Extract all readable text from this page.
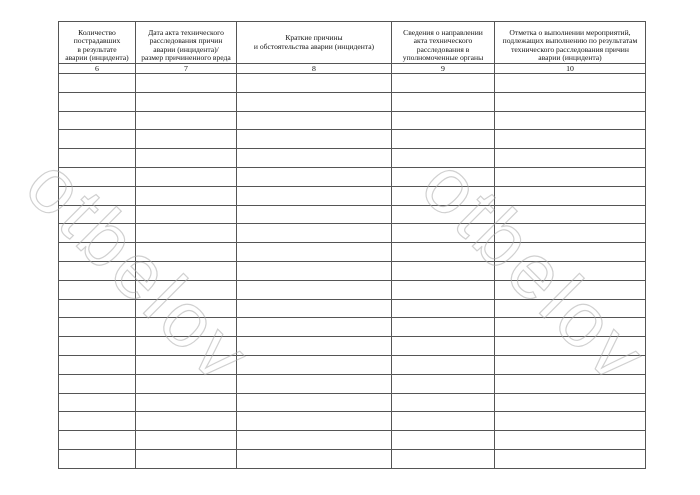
Количество
пострадавших
в результате
аварии (инцидента)	Дата акта технического
расследования причин
аварии (инцидента)/
размер причиненного вреда	Краткие причины
и обстоятельства аварии (инцидента)	Сведения о направлении
акта технического
расследования в
уполномоченные органы	Отметка о выполнении мероприятий,
подлежащих выполнению по результатам
технического расследования причин
аварии (инцидента)
6	7	8	9	10

otbelov otbelov
